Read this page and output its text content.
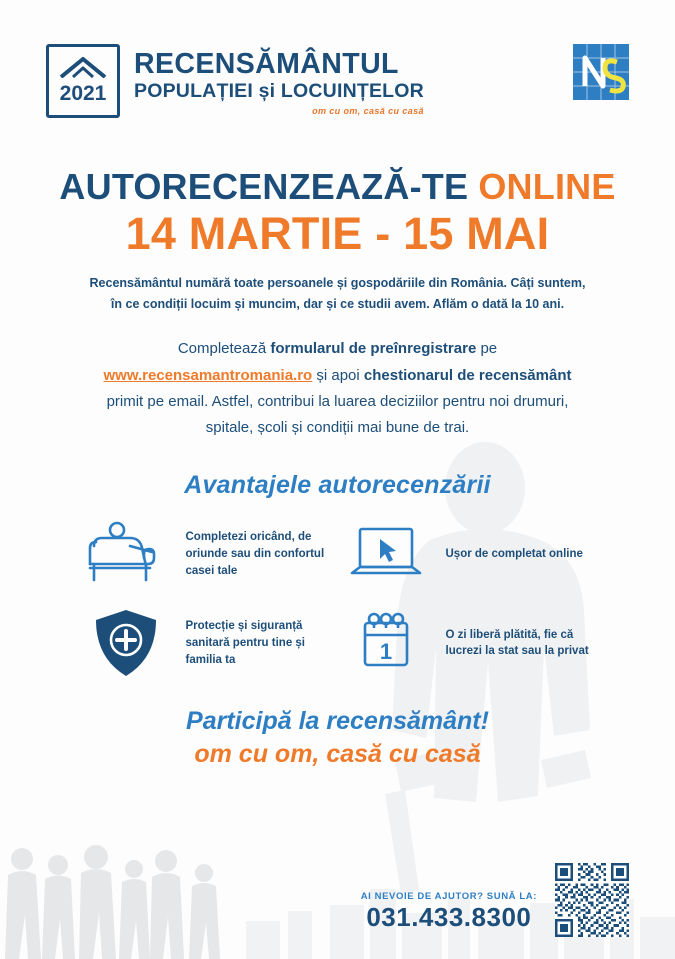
2021
RECENSĂMÂNTUL
POPULAȚIEI și LOCUINȚELOR
om cu om, casă cu casă
AUTORECENZEAZĂ-TE ONLINE
14 MARTIE - 15 MAI
Recensământul numără toate persoanele și gospodăriile din România. Câți suntem,
în ce condiții locuim și muncim, dar și ce studii avem. Aflăm o dată la 10 ani.
Completează formularul de preînregistrare pe www.recensamantromania.ro și apoi chestionarul de recensământ primit pe email. Astfel, contribui la luarea deciziilor pentru noi drumuri, spitale, școli și condiții mai bune de trai.
Avantajele autorecenzării
Completezi oricând, de oriunde sau din confortul casei tale
Ușor de completat online
Protecție și siguranță sanitară pentru tine și familia ta	1
O zi liberă plătită, fie că lucrezi la stat sau la privat
Participă la recensământ!
om cu om, casă cu casă
AI NEVOIE DE AJUTOR? SUNĂ LA:
031.433.8300
